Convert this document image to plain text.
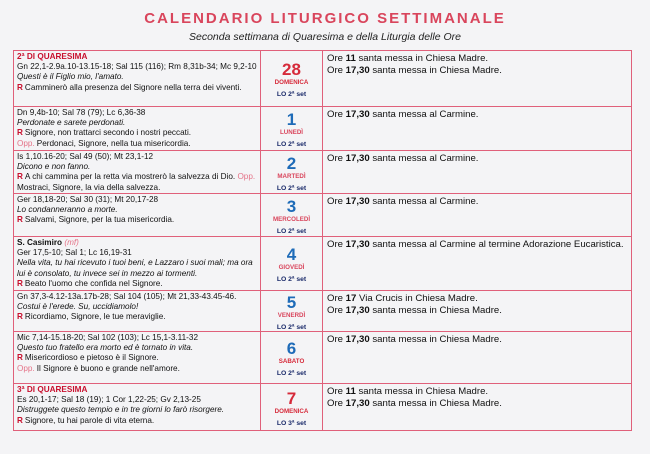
CALENDARIO LITURGICO SETTIMANALE
Seconda settimana di Quaresima e della Liturgia delle Ore
2ª DI QUARESIMA
Gn 22,1-2.9a.10-13.15-18; Sal 115 (116); Rm 8,31b-34; Mc 9,2-10 Questi è il Figlio mio, l'amato.
R Camminerò alla presenza del Signore nella terra dei viventi.
28
DOMENICA
LO 2ª set
Ore 11 santa messa in Chiesa Madre.
Ore 17,30 santa messa in Chiesa Madre.
Dn 9,4b-10; Sal 78 (79); Lc 6,36-38
Perdonate e sarete perdonati.
R Signore, non trattarci secondo i nostri peccati.
Opp. Perdonaci, Signore, nella tua misericordia.
1
LUNEDÌ
LO 2ª set
Ore 17,30 santa messa al Carmine.
Is 1,10.16-20; Sal 49 (50); Mt 23,1-12
Dicono e non fanno.
R A chi cammina per la retta via mostrerò la salvezza di Dio. Opp. Mostraci, Signore, la via della salvezza.
2
MARTEDÌ
LO 2ª set
Ore 17,30 santa messa al Carmine.
Ger 18,18-20; Sal 30 (31); Mt 20,17-28
Lo condanneranno a morte.
R Salvami, Signore, per la tua misericordia.
3
MERCOLEDÌ
LO 2ª set
Ore 17,30 santa messa al Carmine.
S. Casimiro (mf)
Ger 17,5-10; Sal 1; Lc 16,19-31
Nella vita, tu hai ricevuto i tuoi beni, e Lazzaro i suoi mali; ma ora lui è consolato, tu invece sei in mezzo ai tormenti.
R Beato l'uomo che confida nel Signore.
4
GIOVEDÌ
LO 2ª set
Ore 17,30 santa messa al Carmine al termine Adorazione Eucaristica.
Gn 37,3-4.12-13a.17b-28; Sal 104 (105); Mt 21,33-43.45-46. Costui è l'erede. Su, uccidiamolo!
R Ricordiamo, Signore, le tue meraviglie.
5
VENERDÌ
LO 2ª set
Ore 17 Via Crucis in Chiesa Madre.
Ore 17,30 santa messa in Chiesa Madre.
Mic 7,14-15.18-20; Sal 102 (103); Lc 15,1-3.11-32
Questo tuo fratello era morto ed è tornato in vita.
R Misericordioso e pietoso è il Signore.
Opp. Il Signore è buono e grande nell'amore.
6
SABATO
LO 2ª set
Ore 17,30 santa messa in Chiesa Madre.
3ª DI QUARESIMA
Es 20,1-17; Sal 18 (19); 1 Cor 1,22-25; Gv 2,13-25
Distruggete questo tempio e in tre giorni lo farò risorgere.
R Signore, tu hai parole di vita eterna.
7
DOMENICA
LO 3ª set
Ore 11 santa messa in Chiesa Madre.
Ore 17,30 santa messa in Chiesa Madre.
